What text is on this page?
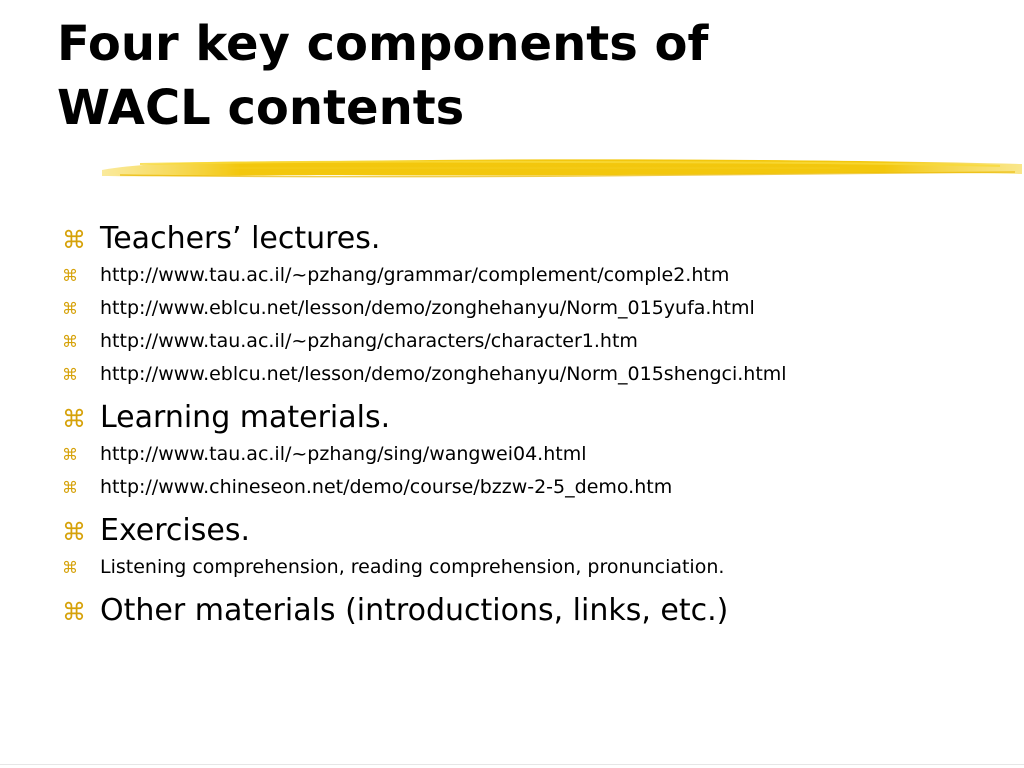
Four key components of
WACL contents
⌘ Teachers’ lectures.
⌘	http://www.tau.ac.il/~pzhang/grammar/complement/comple2.htm
⌘	http://www.eblcu.net/lesson/demo/zonghehanyu/Norm_015yufa.html
⌘	http://www.tau.ac.il/~pzhang/characters/character1.htm
⌘	http://www.eblcu.net/lesson/demo/zonghehanyu/Norm_015shengci.html
⌘ Learning materials.
⌘	http://www.tau.ac.il/~pzhang/sing/wangwei04.html
⌘	http://www.chineseon.net/demo/course/bzzw-2-5_demo.htm
⌘ Exercises.
⌘	Listening comprehension, reading comprehension, pronunciation.
⌘ Other materials (introductions, links, etc.)
